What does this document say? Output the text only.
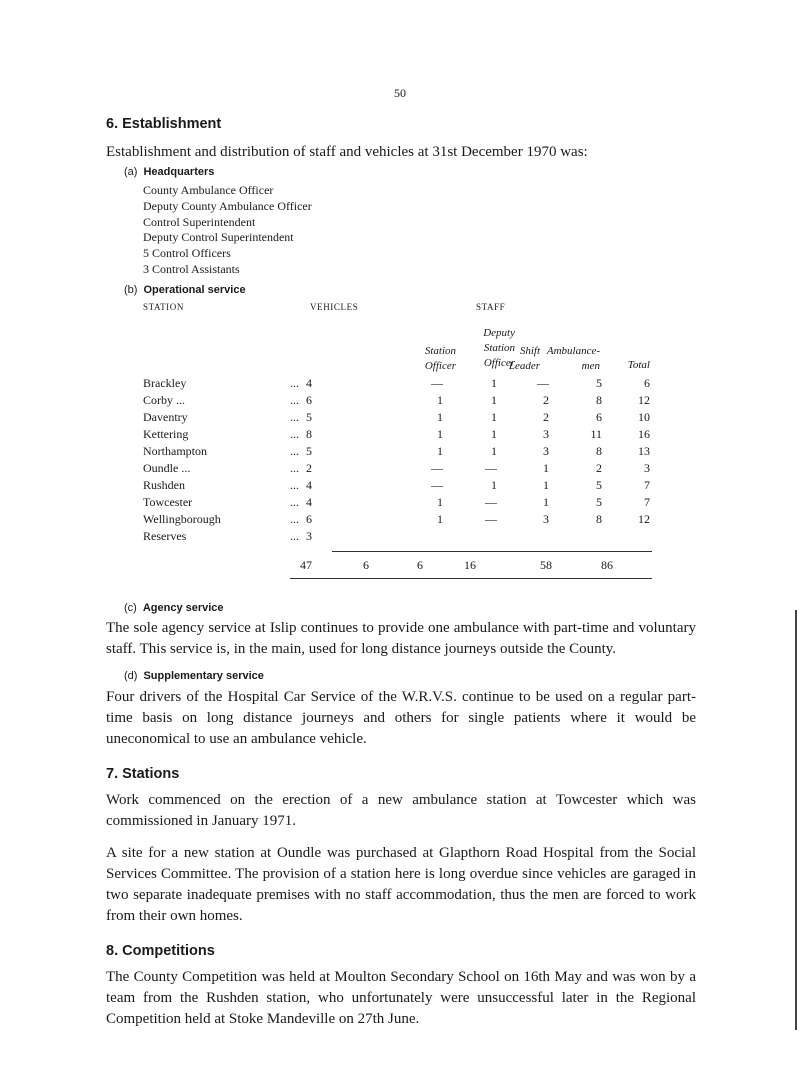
50
6. Establishment
Establishment and distribution of staff and vehicles at 31st December 1970 was:
(a) Headquarters
County Ambulance Officer
Deputy County Ambulance Officer
Control Superintendent
Deputy Control Superintendent
5 Control Officers
3 Control Assistants
(b) Operational service
STATION	VEHICLES	STAFF
Station
Officer
Deputy
Station
Officer
Shift
Leader
Ambulance-
men	Total
Brackley	... 4	—	1	—	5	6
Corby ...	... 6	1	1	2	8	12
Daventry	... 5	1	1	2	6	10
Kettering	... 8	1	1	3	11	16
Northampton	... 5	1	1	3	8	13
Oundle ...	... 2	—	—	1	2	3
Rushden	... 4	—	1	1	5	7
Towcester	... 4	1	—	1	5	7
Wellingborough	... 6	1	—	3	8	12
Reserves	... 3
47	6	6	16	58	86
(c) Agency service
The sole agency service at Islip continues to provide one ambulance with part-time and voluntary staff. This service is, in the main, used for long distance journeys outside the County.
(d) Supplementary service
Four drivers of the Hospital Car Service of the W.R.V.S. continue to be used on a regular part-time basis on long distance journeys and others for single patients where it would be uneconomical to use an ambulance vehicle.
7. Stations
Work commenced on the erection of a new ambulance station at Towcester which was commissioned in January 1971.
A site for a new station at Oundle was purchased at Glapthorn Road Hospital from the Social Services Committee. The provision of a station here is long overdue since vehicles are garaged in two separate inadequate premises with no staff accommodation, thus the men are forced to work from their own homes.
8. Competitions
The County Competition was held at Moulton Secondary School on 16th May and was won by a team from the Rushden station, who unfortunately were unsuccessful later in the Regional Competition held at Stoke Mandeville on 27th June.
